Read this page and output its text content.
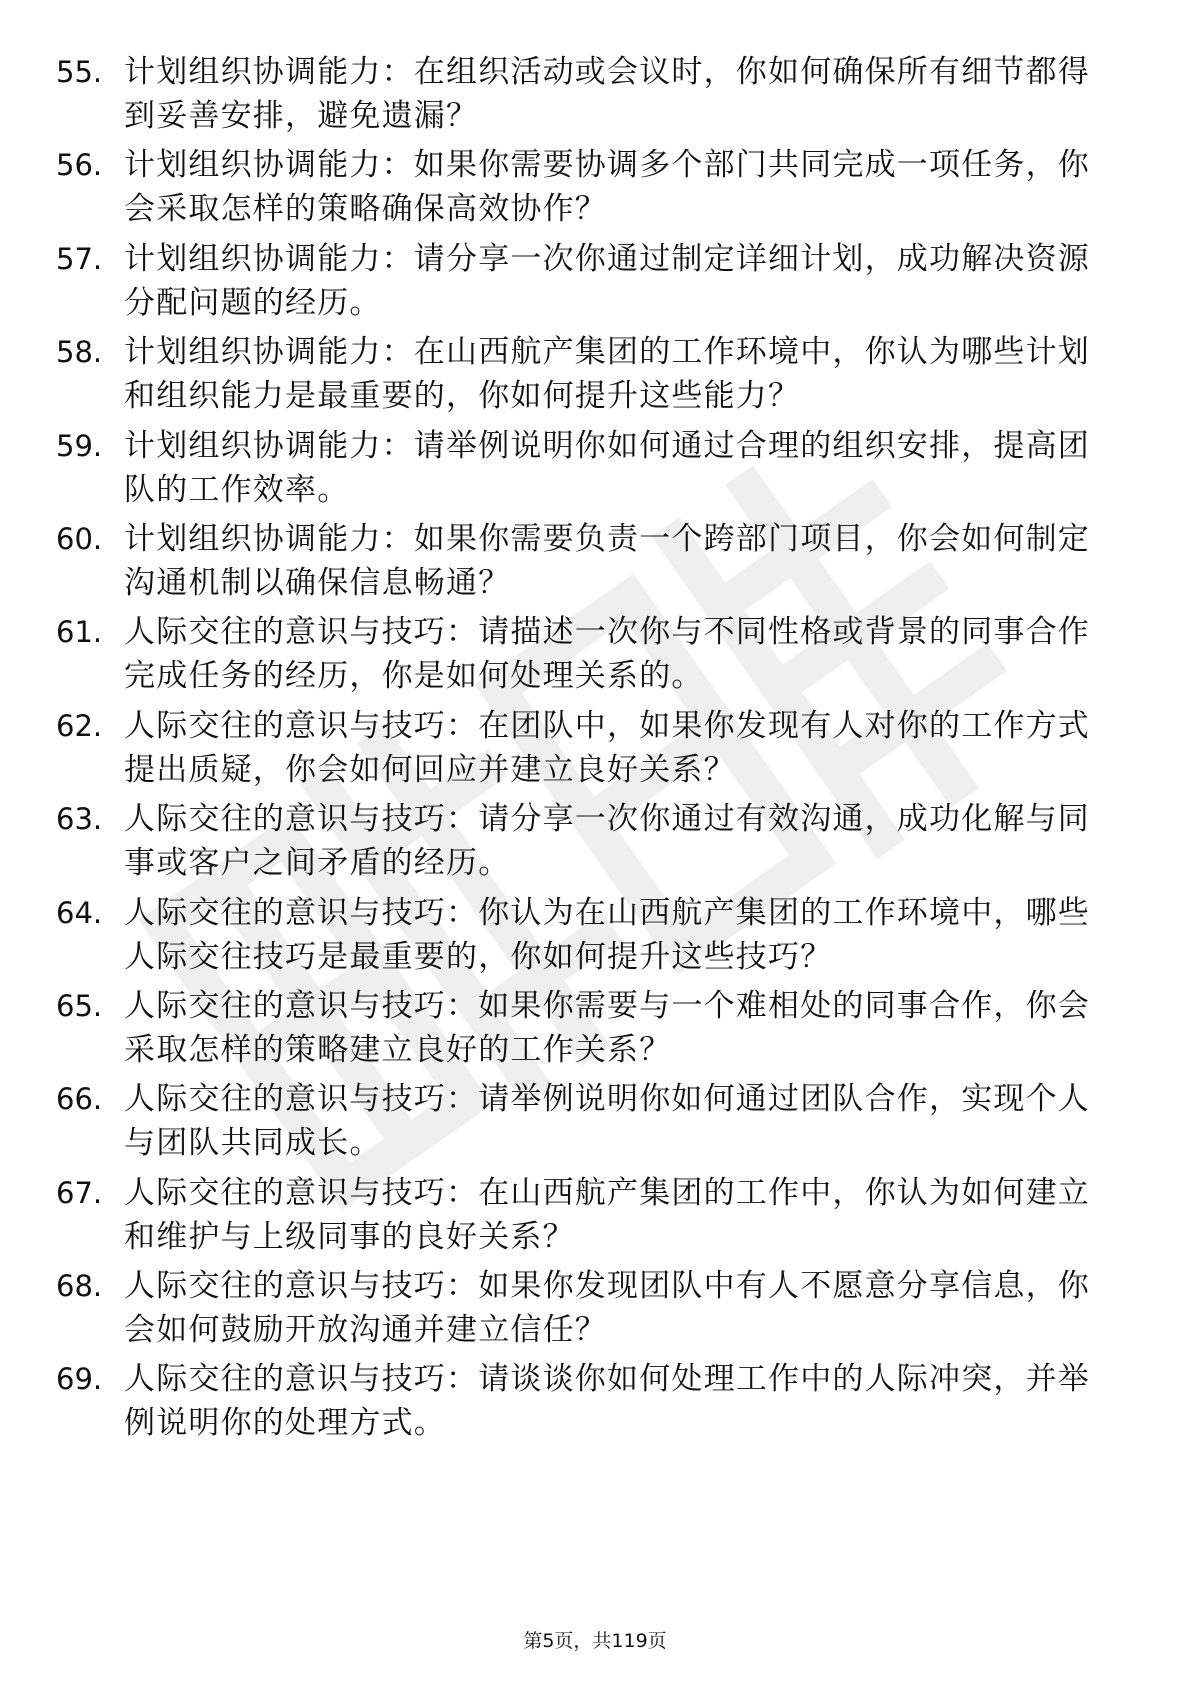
55. 计划组织协调能力：在组织活动或会议时，你如何确保所有细节都得到妥善安排，避免遗漏？
56. 计划组织协调能力：如果你需要协调多个部门共同完成一项任务，你会采取怎样的策略确保高效协作？
57. 计划组织协调能力：请分享一次你通过制定详细计划，成功解决资源分配问题的经历。
58. 计划组织协调能力：在山西航产集团的工作环境中，你认为哪些计划和组织能力是最重要的，你如何提升这些能力？
59. 计划组织协调能力：请举例说明你如何通过合理的组织安排，提高团队的工作效率。
60. 计划组织协调能力：如果你需要负责一个跨部门项目，你会如何制定沟通机制以确保信息畅通？
61. 人际交往的意识与技巧：请描述一次你与不同性格或背景的同事合作完成任务的经历，你是如何处理关系的。
62. 人际交往的意识与技巧：在团队中，如果你发现有人对你的工作方式提出质疑，你会如何回应并建立良好关系？
63. 人际交往的意识与技巧：请分享一次你通过有效沟通，成功化解与同事或客户之间矛盾的经历。
64. 人际交往的意识与技巧：你认为在山西航产集团的工作环境中，哪些人际交往技巧是最重要的，你如何提升这些技巧？
65. 人际交往的意识与技巧：如果你需要与一个难相处的同事合作，你会采取怎样的策略建立良好的工作关系？
66. 人际交往的意识与技巧：请举例说明你如何通过团队合作，实现个人与团队共同成长。
67. 人际交往的意识与技巧：在山西航产集团的工作中，你认为如何建立和维护与上级同事的良好关系？
68. 人际交往的意识与技巧：如果你发现团队中有人不愿意分享信息，你会如何鼓励开放沟通并建立信任？
69. 人际交往的意识与技巧：请谈谈你如何处理工作中的人际冲突，并举例说明你的处理方式。
第5页，共119页
